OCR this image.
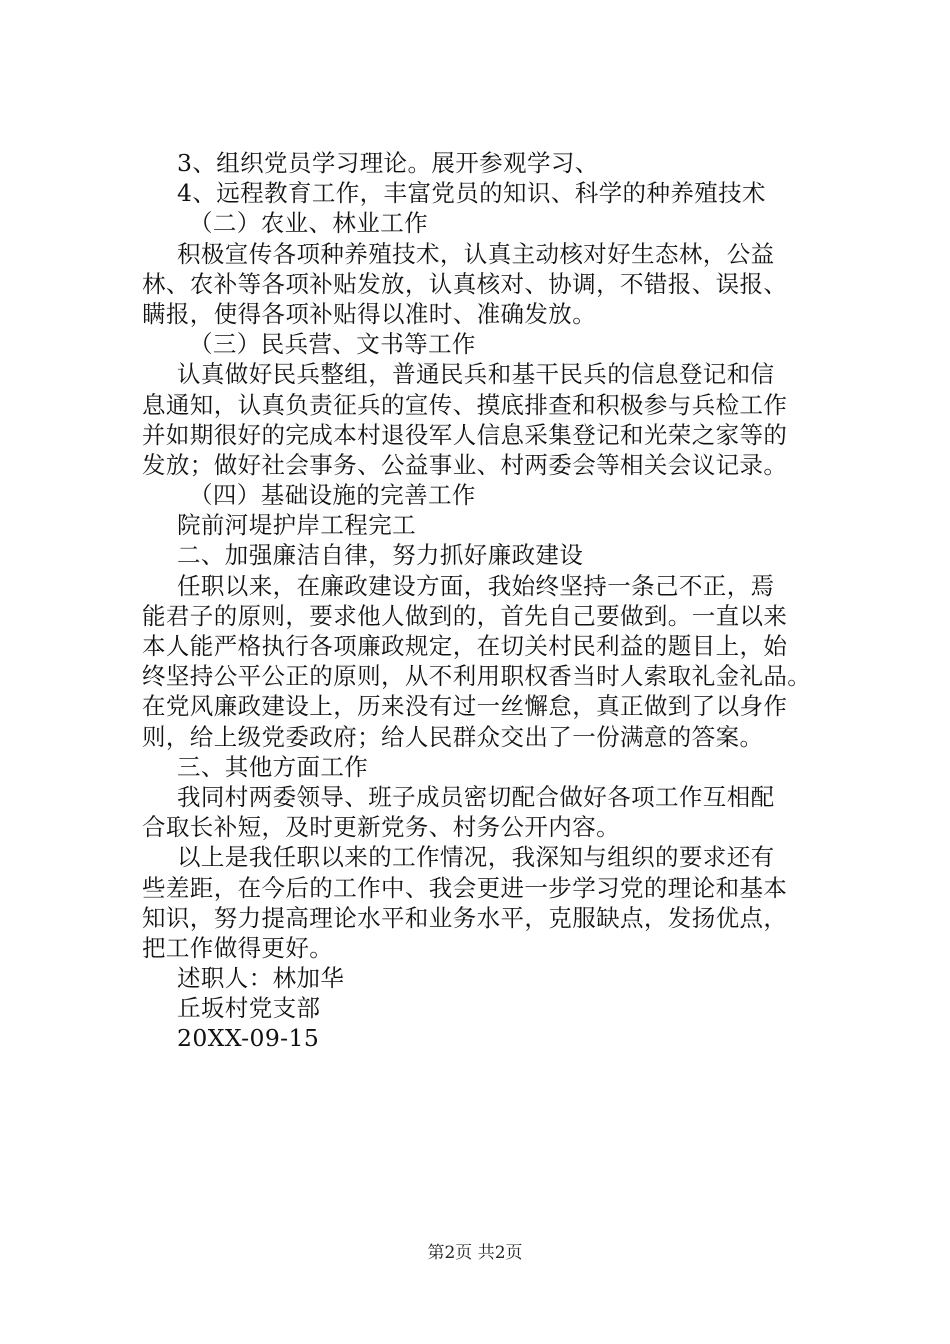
3、组织党员学习理论。展开参观学习、
4、远程教育工作，丰富党员的知识、科学的种养殖技术
（二）农业、林业工作
积极宣传各项种养殖技术，认真主动核对好生态林，公益
林、农补等各项补贴发放，认真核对、协调，不错报、误报、
瞒报，使得各项补贴得以准时、准确发放。
（三）民兵营、文书等工作
认真做好民兵整组，普通民兵和基干民兵的信息登记和信
息通知，认真负责征兵的宣传、摸底排查和积极参与兵检工作
并如期很好的完成本村退役军人信息采集登记和光荣之家等的
发放；做好社会事务、公益事业、村两委会等相关会议记录。
（四）基础设施的完善工作
院前河堤护岸工程完工
二、加强廉洁自律，努力抓好廉政建设
任职以来，在廉政建设方面，我始终坚持一条己不正，焉
能君子的原则，要求他人做到的，首先自己要做到。一直以来
本人能严格执行各项廉政规定，在切关村民利益的题目上，始
终坚持公平公正的原则，从不利用职权香当时人索取礼金礼品。
在党风廉政建设上，历来没有过一丝懈怠，真正做到了以身作
则，给上级党委政府；给人民群众交出了一份满意的答案。
三、其他方面工作
我同村两委领导、班子成员密切配合做好各项工作互相配
合取长补短，及时更新党务、村务公开内容。
以上是我任职以来的工作情况，我深知与组织的要求还有
些差距，在今后的工作中、我会更进一步学习党的理论和基本
知识，努力提高理论水平和业务水平，克服缺点，发扬优点，
把工作做得更好。
述职人：林加华
丘坂村党支部
20XX-09-15
第2页 共2页
